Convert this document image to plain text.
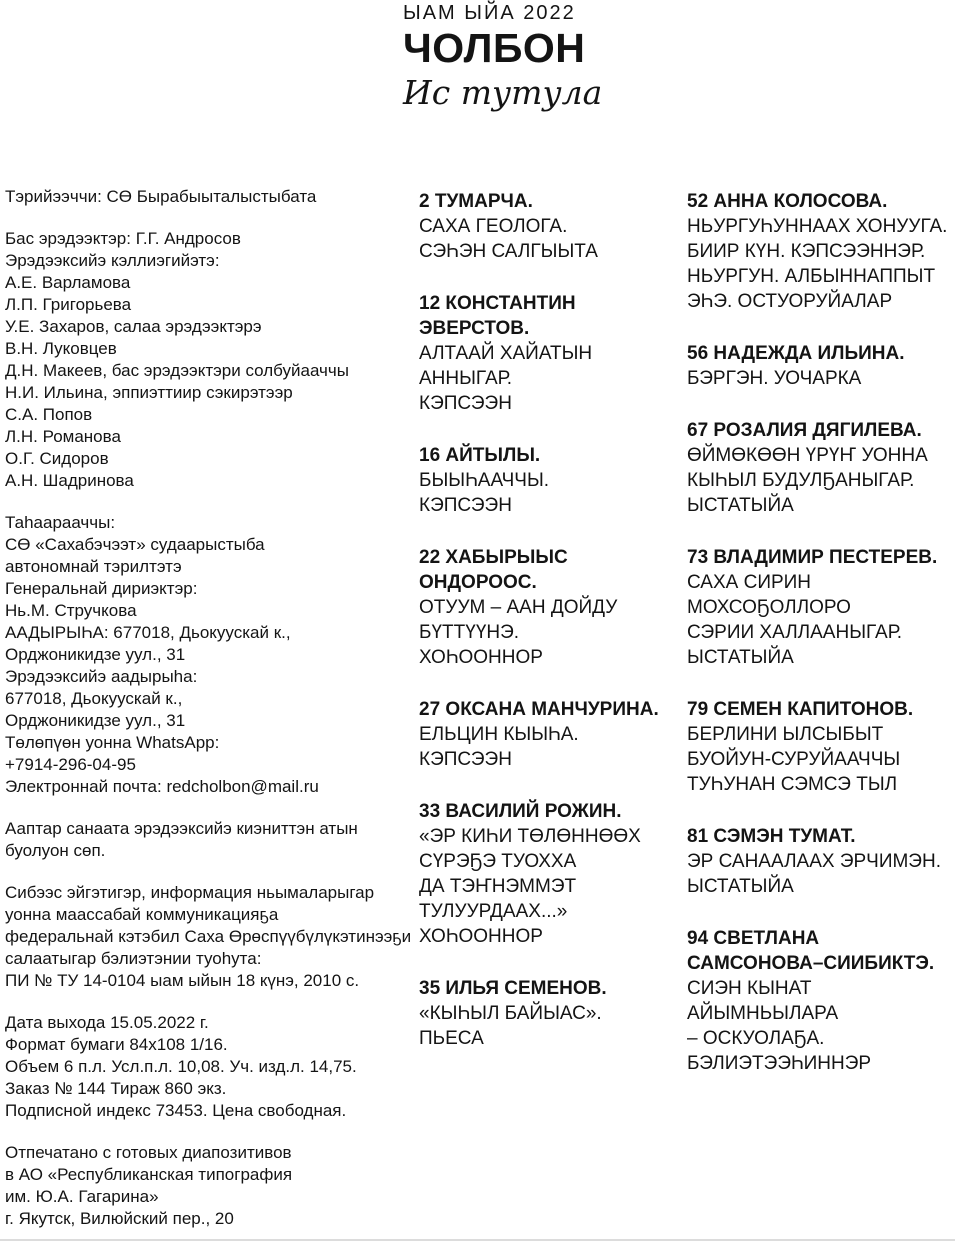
ЫАМ ЫЙА 2022
ЧОЛБОН
Ис тутула
Тэрийээччи: СӨ Бырабыыталыстыбата
Бас эрэдээктэр: Г.Г. Андросов
Эрэдээксийэ кэллиэгийэтэ:
А.Е. Варламова
Л.П. Григорьева
У.Е. Захаров, салаа эрэдээктэрэ
В.Н. Луковцев
Д.Н. Макеев, бас эрэдээктэри солбуйааччы
Н.И. Ильина, эппиэттиир сэкирэтээр
С.А. Попов
Л.Н. Романова
О.Г. Сидоров
А.Н. Шадринова
Таһаарааччы:
СӨ «Сахабэчээт» судаарыстыба
автономнай тэрилтэтэ
Генеральнай дириэктэр:
Нь.М. Стручкова
ААДЫРЫҺА: 677018, Дьокуускай к.,
Орджоникидзе уул., 31
Эрэдээксийэ аадырыһа:
677018, Дьокуускай к.,
Орджоникидзе уул., 31
Төлөпүөн уонна WhatsApp:
+7914-296-04-95
Электроннай почта: redcholbon@mail.ru
Ааптар санаата эрэдээксийэ киэниттэн атын
буолуон сөп.
Сибээс эйгэтигэр, информация ньымаларыгар
уонна маассабай коммуникацияҕа
федеральнай кэтэбил Саха Өрөспүүбүлүкэтинээҕи
салаатыгар бэлиэтэнии туоһута:
ПИ № ТУ 14-0104 ыам ыйын 18 күнэ, 2010 с.
Дата выхода 15.05.2022 г.
Формат бумаги 84х108 1/16.
Объем 6 п.л. Усл.п.л. 10,08. Уч. изд.л. 14,75.
Заказ № 144 Тираж 860 экз.
Подписной индекс 73453. Цена свободная.
Отпечатано с готовых диапозитивов
в АО «Республиканская типография
им. Ю.А. Гагарина»
г. Якутск, Вилюйский пер., 20
2 ТУМАРЧА.
САХА ГЕОЛОГА.
СЭҺЭН САЛГЫЫТА
12 КОНСТАНТИН
ЭВЕРСТОВ.
АЛТААЙ ХАЙАТЫН
АННЫГАР.
КЭПСЭЭН
16 АЙТЫЛЫ.
БЫЫҺААЧЧЫ.
КЭПСЭЭН
22 ХАБЫРЫЫС
ОНДОРООС.
ОТУУМ – ААН ДОЙДУ
БҮТТҮҮНЭ.
ХОҺООННОР
27 ОКСАНА МАНЧУРИНА.
ЕЛЬЦИН КЫЫҺА.
КЭПСЭЭН
33 ВАСИЛИЙ РОЖИН.
«ЭР КИҺИ ТӨЛӨННӨӨХ
СҮРЭҔЭ ТУОХХА
ДА ТЭҤНЭММЭТ
ТУЛУУРДААХ...»
ХОҺООННОР
35 ИЛЬЯ СЕМЕНОВ.
«КЫҺЫЛ БАЙЫАС».
ПЬЕСА
52 АННА КОЛОСОВА.
НЬУРГУҺУННААХ ХОНУУГА.
БИИР КҮН. КЭПСЭЭННЭР.
НЬУРГУН. АЛБЫННАППЫТ
ЭҺЭ. ОСТУОРУЙАЛАР
56 НАДЕЖДА ИЛЬИНА.
БЭРГЭН. УОЧАРКА
67 РОЗАЛИЯ ДЯГИЛЕВА.
ӨЙМӨКӨӨН ҮРҮҤ УОННА
КЫҺЫЛ БУДУЛҔАНЫГАР.
ЫСТАТЫЙА
73 ВЛАДИМИР ПЕСТЕРЕВ.
САХА СИРИН
МОХСОҔОЛЛОРО
СЭРИИ ХАЛЛААНЫГАР.
ЫСТАТЫЙА
79 СЕМЕН КАПИТОНОВ.
БЕРЛИНИ ЫЛСЫБЫТ
БУОЙУН-СУРУЙААЧЧЫ
ТУҺУНАН СЭМСЭ ТЫЛ
81 СЭМЭН ТУМАТ.
ЭР САНААЛААХ ЭРЧИМЭН.
ЫСТАТЫЙА
94 СВЕТЛАНА
САМСОНОВА–СИИБИКТЭ.
СИЭН КЫНАТ
АЙЫМНЬЫЛАРА
– ОСКУОЛАҔА.
БЭЛИЭТЭЭҺИННЭР
